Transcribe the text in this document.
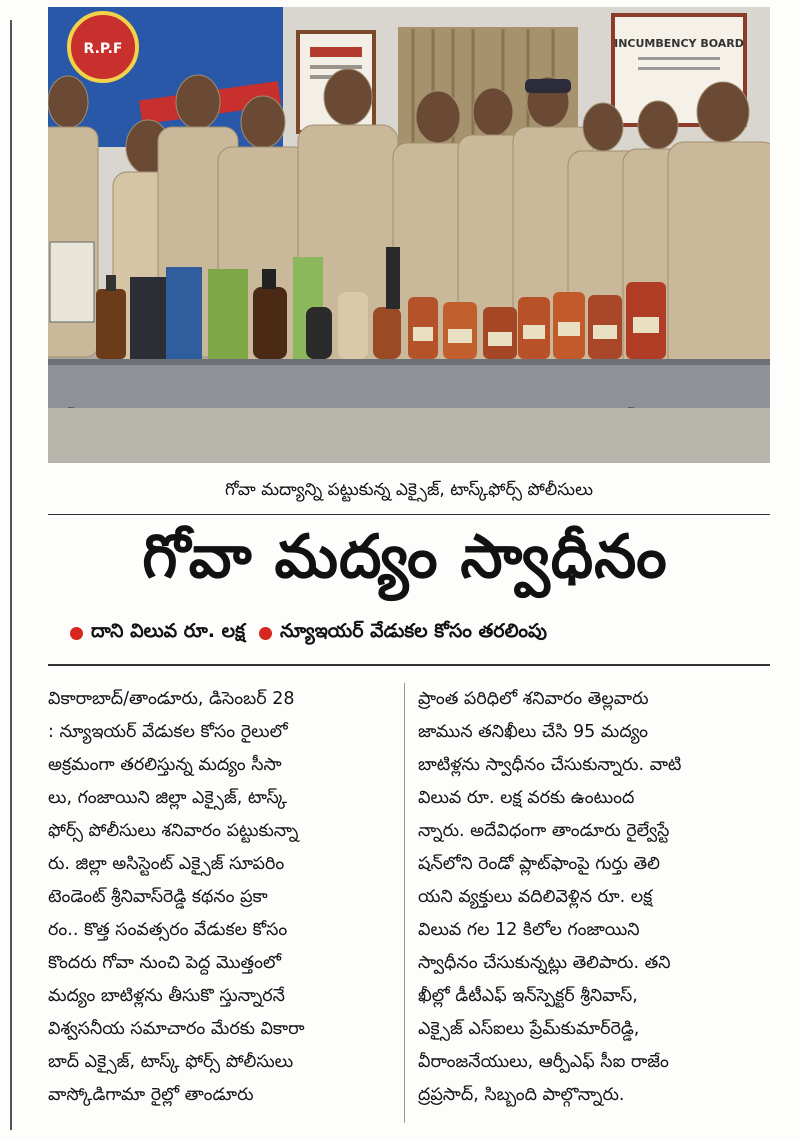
R.P.F	INCUMBENCY BOARD
గోవా మద్యాన్ని పట్టుకున్న ఎక్సైజ్, టాస్క్‌ఫోర్స్ పోలీసులు
గోవా మద్యం స్వాధీనం
దాని విలువ రూ. లక్ష న్యూఇయర్ వేడుకల కోసం తరలింపు
వికారాబాద్/తాండూరు, డిసెంబర్ 28
: న్యూఇయర్ వేడుకల కోసం రైలులో
అక్రమంగా తరలిస్తున్న మద్యం సీసా
లు, గంజాయిని జిల్లా ఎక్సైజ్, టాస్క్
ఫోర్స్ పోలీసులు శనివారం పట్టుకున్నా
రు. జిల్లా అసిస్టెంట్ ఎక్సైజ్ సూపరిం
టెండెంట్ శ్రీనివాస్‌రెడ్డి కథనం ప్రకా
రం.. కొత్త సంవత్సరం వేడుకల కోసం
కొందరు గోవా నుంచి పెద్ద మొత్తంలో
మద్యం బాటిళ్లను తీసుకొ స్తున్నారనే
విశ్వసనీయ సమాచారం మేరకు వికారా
బాద్ ఎక్సైజ్, టాస్క్ ఫోర్స్ పోలీసులు
వాస్కోడిగామా రైల్లో తాండూరు
ప్రాంత పరిధిలో శనివారం తెల్లవారు
జామున తనిఖీలు చేసి 95 మద్యం
బాటిళ్లను స్వాధీనం చేసుకున్నారు. వాటి
విలువ రూ. లక్ష వరకు ఉంటుంద
న్నారు. అదేవిధంగా తాండూరు రైల్వేస్టే
షన్‌లోని రెండో ప్లాట్‌ఫాంపై గుర్తు తెలి
యని వ్యక్తులు వదిలివెళ్లిన రూ. లక్ష
విలువ గల 12 కిలోల గంజాయిని
స్వాధీనం చేసుకున్నట్లు తెలిపారు. తని
ఖీల్లో డీటీఎఫ్ ఇన్‌స్పెక్టర్ శ్రీనివాస్,
ఎక్సైజ్ ఎస్ఐలు ప్రేమ్‌కుమార్‌రెడ్డి,
వీరాంజనేయులు, ఆర్పీఎఫ్ సీఐ రాజేం
ద్రప్రసాద్, సిబ్బంది పాల్గొన్నారు.
